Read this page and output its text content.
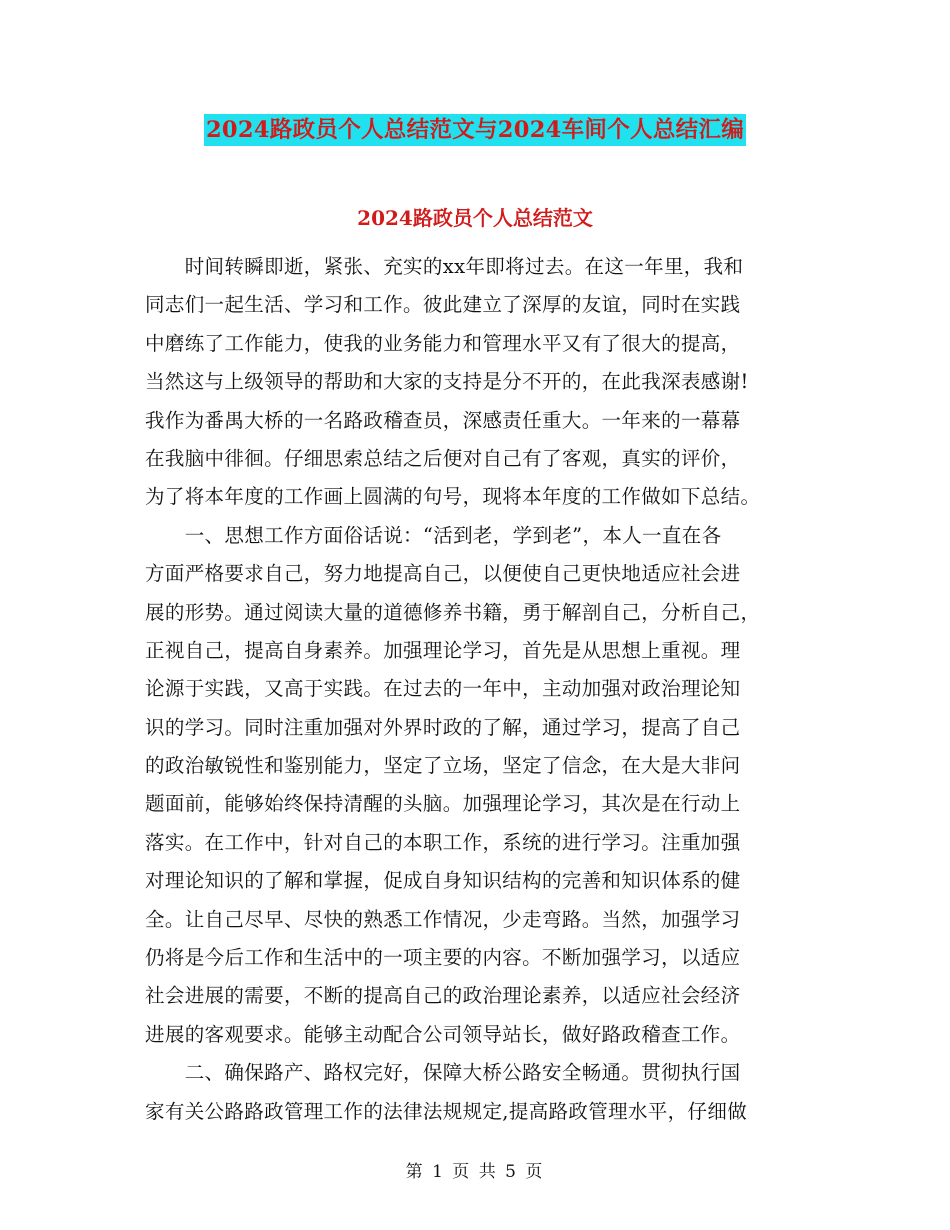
2024路政员个人总结范文与2024车间个人总结汇编
2024路政员个人总结范文
　　时间转瞬即逝，紧张、充实的xx年即将过去。在这一年里，我和
同志们一起生活、学习和工作。彼此建立了深厚的友谊，同时在实践
中磨练了工作能力，使我的业务能力和管理水平又有了很大的提高，
当然这与上级领导的帮助和大家的支持是分不开的，在此我深表感谢!
我作为番禺大桥的一名路政稽查员，深感责任重大。一年来的一幕幕
在我脑中徘徊。仔细思索总结之后便对自己有了客观，真实的评价，
为了将本年度的工作画上圆满的句号，现将本年度的工作做如下总结。
　　一、思想工作方面俗话说：“活到老，学到老”，本人一直在各
方面严格要求自己，努力地提高自己，以便使自己更快地适应社会进
展的形势。通过阅读大量的道德修养书籍，勇于解剖自己，分析自己，
正视自己，提高自身素养。加强理论学习，首先是从思想上重视。理
论源于实践，又高于实践。在过去的一年中，主动加强对政治理论知
识的学习。同时注重加强对外界时政的了解，通过学习，提高了自己
的政治敏锐性和鉴别能力，坚定了立场，坚定了信念，在大是大非问
题面前，能够始终保持清醒的头脑。加强理论学习，其次是在行动上
落实。在工作中，针对自己的本职工作，系统的进行学习。注重加强
对理论知识的了解和掌握，促成自身知识结构的完善和知识体系的健
全。让自己尽早、尽快的熟悉工作情况，少走弯路。当然，加强学习
仍将是今后工作和生活中的一项主要的内容。不断加强学习，以适应
社会进展的需要，不断的提高自己的政治理论素养，以适应社会经济
进展的客观要求。能够主动配合公司领导站长，做好路政稽查工作。
　　二、确保路产、路权完好，保障大桥公路安全畅通。贯彻执行国
家有关公路路政管理工作的法律法规规定,提高路政管理水平，仔细做
第 1 页 共 5 页
